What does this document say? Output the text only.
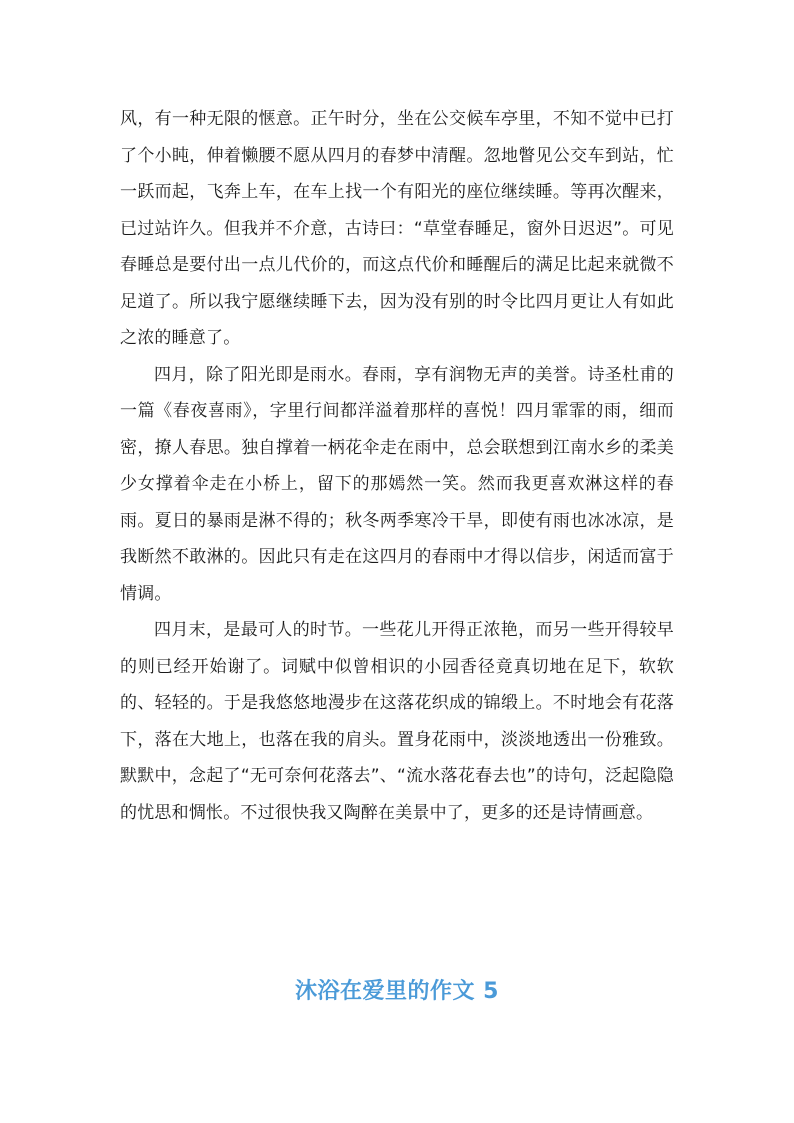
风，有一种无限的惬意。正午时分，坐在公交候车亭里，不知不觉中已打了个小盹，伸着懒腰不愿从四月的春梦中清醒。忽地瞥见公交车到站，忙一跃而起，飞奔上车，在车上找一个有阳光的座位继续睡。等再次醒来，已过站许久。但我并不介意，古诗曰：“草堂春睡足，窗外日迟迟”。可见春睡总是要付出一点儿代价的，而这点代价和睡醒后的满足比起来就微不足道了。所以我宁愿继续睡下去，因为没有别的时令比四月更让人有如此之浓的睡意了。

四月，除了阳光即是雨水。春雨，享有润物无声的美誉。诗圣杜甫的一篇《春夜喜雨》，字里行间都洋溢着那样的喜悦！四月霏霏的雨，细而密，撩人春思。独自撑着一柄花伞走在雨中，总会联想到江南水乡的柔美少女撑着伞走在小桥上，留下的那嫣然一笑。然而我更喜欢淋这样的春雨。夏日的暴雨是淋不得的；秋冬两季寒冷干旱，即使有雨也冰冰凉，是我断然不敢淋的。因此只有走在这四月的春雨中才得以信步，闲适而富于情调。

四月末，是最可人的时节。一些花儿开得正浓艳，而另一些开得较早的则已经开始谢了。词赋中似曾相识的小园香径竟真切地在足下，软软的、轻轻的。于是我悠悠地漫步在这落花织成的锦缎上。不时地会有花落下，落在大地上，也落在我的肩头。置身花雨中，淡淡地透出一份雅致。默默中，念起了“无可奈何花落去”、“流水落花春去也”的诗句，泛起隐隐的忧思和惆怅。不过很快我又陶醉在美景中了，更多的还是诗情画意。

沐浴在爱里的作文 5
